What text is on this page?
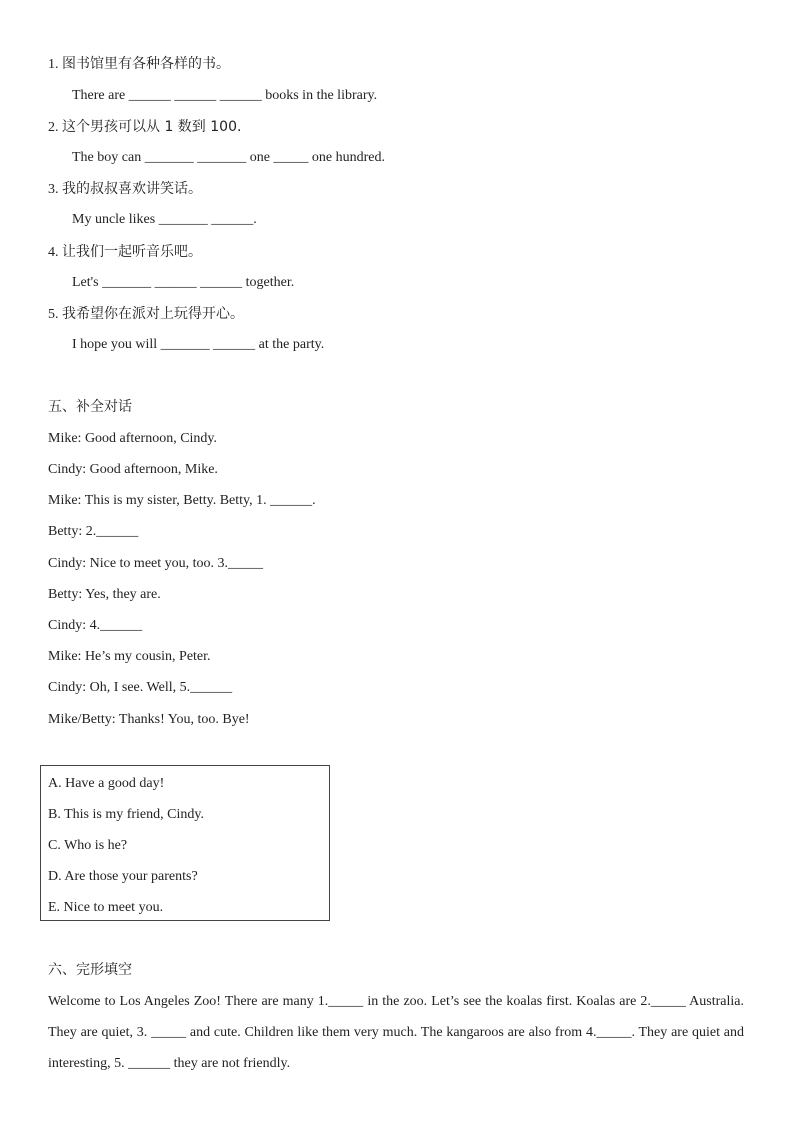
1. 图书馆里有各种各样的书。
There are ______ ______ ______ books in the library.
2. 这个男孩可以从 1 数到 100.
The boy can _______ _______ one _____ one hundred.
3. 我的叔叔喜欢讲笑话。
My uncle likes _______ ______.
4. 让我们一起听音乐吧。
Let's _______ ______ ______ together.
5. 我希望你在派对上玩得开心。
I hope you will _______ ______ at the party.
五、补全对话
Mike: Good afternoon, Cindy.
Cindy: Good afternoon, Mike.
Mike: This is my sister, Betty. Betty, 1. ______.
Betty: 2.______
Cindy: Nice to meet you, too. 3._____
Betty: Yes, they are.
Cindy: 4.______
Mike: He’s my cousin, Peter.
Cindy: Oh, I see. Well, 5.______
Mike/Betty: Thanks! You, too. Bye!
A. Have a good day!
B. This is my friend, Cindy.
C. Who is he?
D. Are those your parents?
E. Nice to meet you.
六、完形填空
Welcome to Los Angeles Zoo! There are many 1._____ in the zoo. Let’s see the koalas first. Koalas are 2._____ Australia. They are quiet, 3. _____ and cute. Children like them very much. The kangaroos are also from 4._____. They are quiet and interesting, 5. ______ they are not friendly.
